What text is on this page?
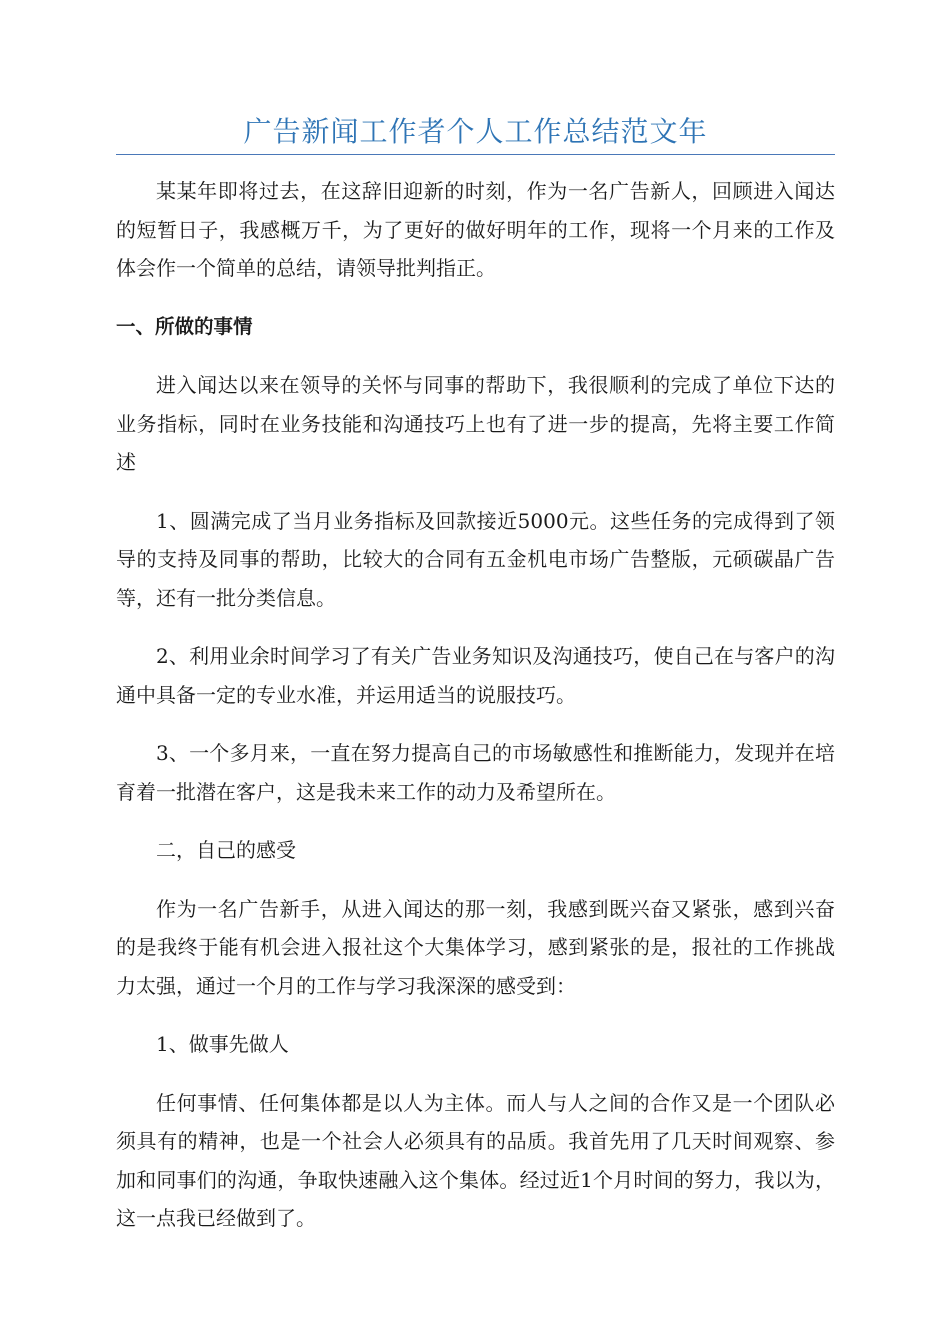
广告新闻工作者个人工作总结范文年

某某年即将过去，在这辞旧迎新的时刻，作为一名广告新人，回顾进入闻达的短暂日子，我感概万千，为了更好的做好明年的工作，现将一个月来的工作及体会作一个简单的总结，请领导批判指正。

一、所做的事情

进入闻达以来在领导的关怀与同事的帮助下，我很顺利的完成了单位下达的业务指标，同时在业务技能和沟通技巧上也有了进一步的提高，先将主要工作简述

1、圆满完成了当月业务指标及回款接近5000元。这些任务的完成得到了领导的支持及同事的帮助，比较大的合同有五金机电市场广告整版，元硕碳晶广告等，还有一批分类信息。

2、利用业余时间学习了有关广告业务知识及沟通技巧，使自己在与客户的沟通中具备一定的专业水准，并运用适当的说服技巧。

3、一个多月来，一直在努力提高自己的市场敏感性和推断能力，发现并在培育着一批潜在客户，这是我未来工作的动力及希望所在。

二，自己的感受

作为一名广告新手，从进入闻达的那一刻，我感到既兴奋又紧张，感到兴奋的是我终于能有机会进入报社这个大集体学习，感到紧张的是，报社的工作挑战力太强，通过一个月的工作与学习我深深的感受到：

1、做事先做人

任何事情、任何集体都是以人为主体。而人与人之间的合作又是一个团队必须具有的精神，也是一个社会人必须具有的品质。我首先用了几天时间观察、参加和同事们的沟通，争取快速融入这个集体。经过近1个月时间的努力，我以为，这一点我已经做到了。
